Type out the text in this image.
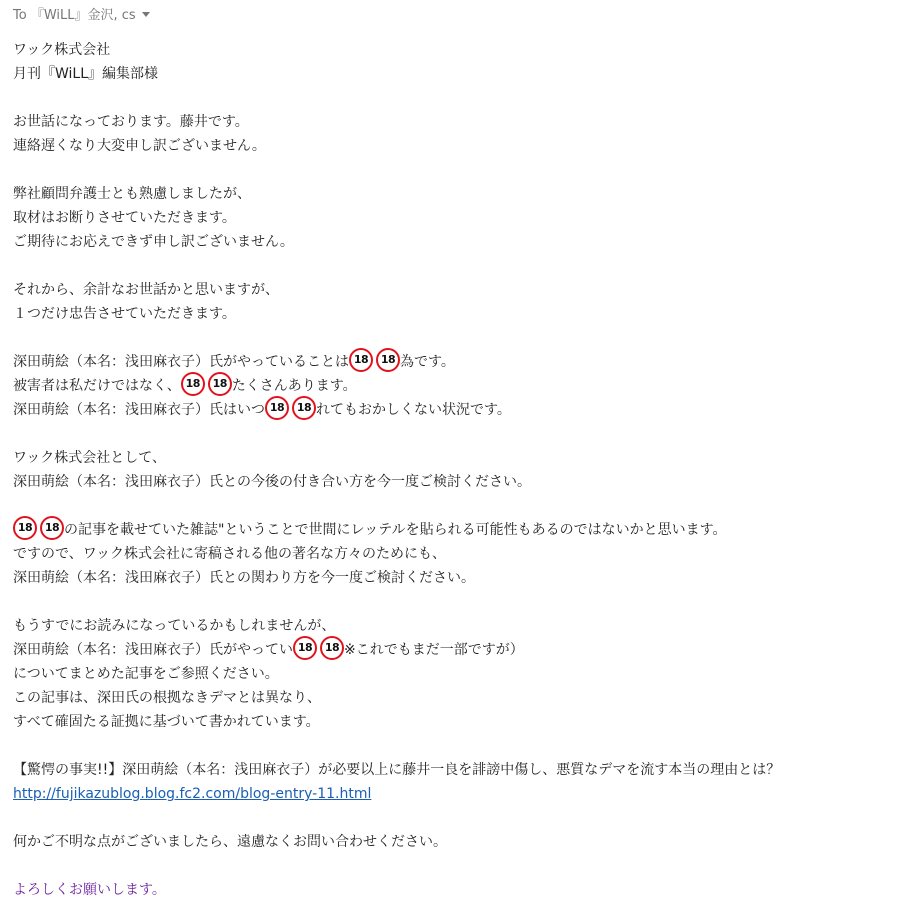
To 『WiLL』金沢, cs
ワック株式会社
月刊『WiLL』編集部様
お世話になっております。藤井です。
連絡遅くなり大変申し訳ございません。
弊社顧問弁護士とも熟慮しましたが、
取材はお断りさせていただきます。
ご期待にお応えできず申し訳ございません。
それから、余計なお世話かと思いますが、
１つだけ忠告させていただきます。
深田萌絵（本名：浅田麻衣子）氏がやっていることは 18 18 為です。
被害者は私だけではなく、 18 18 たくさんあります。
深田萌絵（本名：浅田麻衣子）氏はいつ 18 18 れてもおかしくない状況です。
ワック株式会社として、
深田萌絵（本名：浅田麻衣子）氏との今後の付き合い方を今一度ご検討ください。
18 18 の記事を載せていた雑誌"ということで世間にレッテルを貼られる可能性もあるのではないかと思います。
ですので、ワック株式会社に寄稿される他の著名な方々のためにも、
深田萌絵（本名：浅田麻衣子）氏との関わり方を今一度ご検討ください。
もうすでにお読みになっているかもしれませんが、
深田萌絵（本名：浅田麻衣子）氏がやってい 18 18 ※これでもまだ一部ですが）
についてまとめた記事をご参照ください。
この記事は、深田氏の根拠なきデマとは異なり、
すべて確固たる証拠に基づいて書かれています。
【驚愕の事実!!】深田萌絵（本名：浅田麻衣子）が必要以上に藤井一良を誹謗中傷し、悪質なデマを流す本当の理由とは？
http://fujikazublog.blog.fc2.com/blog-entry-11.html
何かご不明な点がございましたら、遠慮なくお問い合わせください。
よろしくお願いします。
